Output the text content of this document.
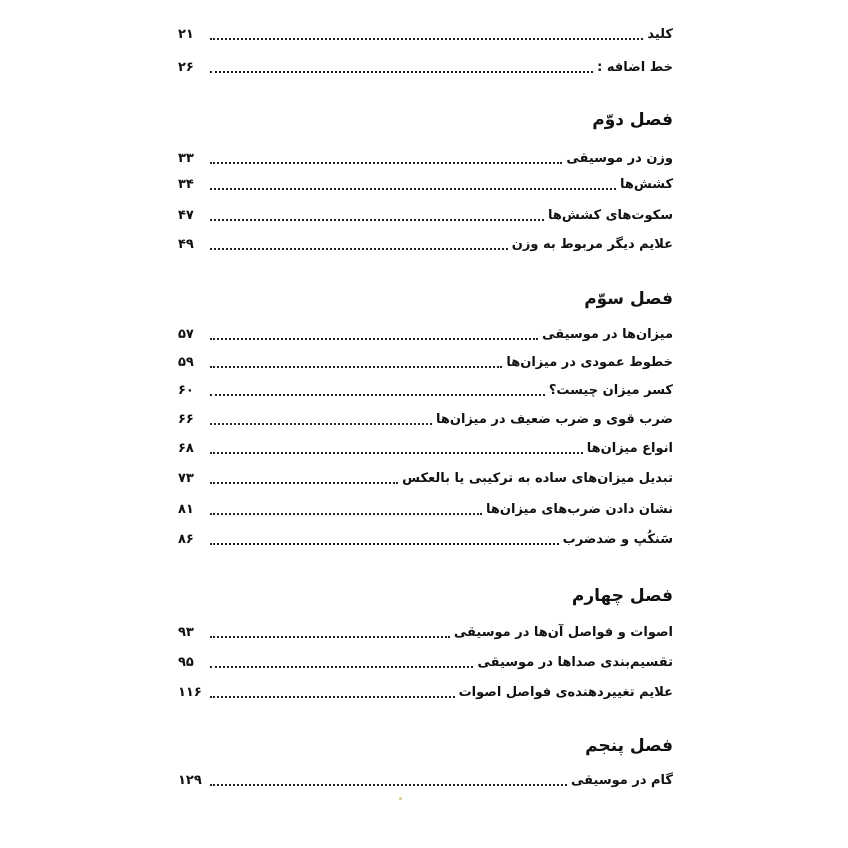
کلید
۲۱
خط اضافه :
۲۶
فصل دوّم
وزن در موسیقی
۳۳
کشش‌ها
۳۴
سکوت‌های کشش‌ها
۴۷
علایم دیگر مربوط به وزن
۴۹
فصل سوّم
میزان‌ها در موسیقی
۵۷
خطوط عمودی در میزان‌ها
۵۹
کسر میزان چیست؟
۶۰
ضرب قوی و ضرب ضعیف در میزان‌ها
۶۶
انواع میزان‌ها
۶۸
تبدیل میزان‌های ساده به ترکیبی یا بالعکس
۷۳
نشان دادن ضرب‌های میزان‌ها
۸۱
سَنکُپ و ضدضرب
۸۶
فصل چهارم
اصوات و فواصل آن‌ها در موسیقی
۹۳
تقسیم‌بندی صداها در موسیقی
۹۵
علایم تغییردهنده‌ی فواصل اصوات
۱۱۶
فصل پنجم
گام در موسیقی
۱۲۹
